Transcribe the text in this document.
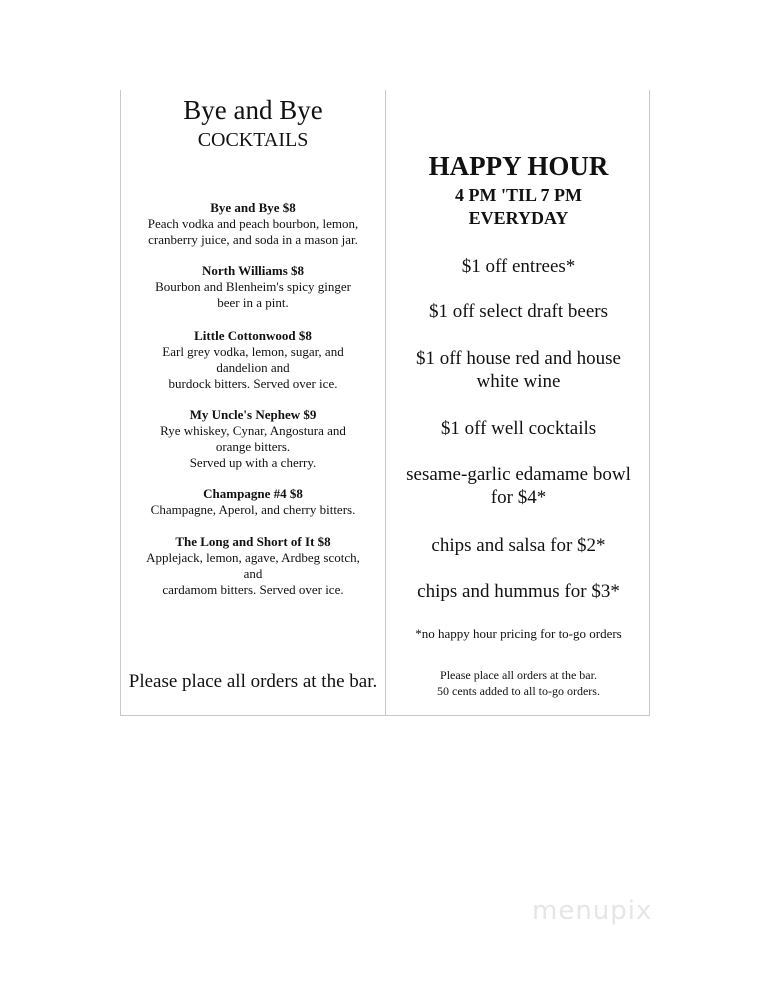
Bye and Bye
COCKTAILS
Bye and Bye $8
Peach vodka and peach bourbon, lemon,
cranberry juice, and soda in a mason jar.
North Williams $8
Bourbon and Blenheim's spicy ginger
beer in a pint.
Little Cottonwood $8
Earl grey vodka, lemon, sugar, and
dandelion and
burdock bitters. Served over ice.
My Uncle's Nephew $9
Rye whiskey, Cynar, Angostura and
orange bitters.
Served up with a cherry.
Champagne #4 $8
Champagne, Aperol, and cherry bitters.
The Long and Short of It $8
Applejack, lemon, agave, Ardbeg scotch,
and
cardamom bitters. Served over ice.
Please place all orders at the bar.
HAPPY HOUR
4 PM 'TIL 7 PM
EVERYDAY
$1 off entrees*
$1 off select draft beers
$1 off house red and house white wine
$1 off well cocktails
sesame-garlic edamame bowl for $4*
chips and salsa for $2*
chips and hummus for $3*
*no happy hour pricing for to-go orders
Please place all orders at the bar.
50 cents added to all to-go orders.
menupix
